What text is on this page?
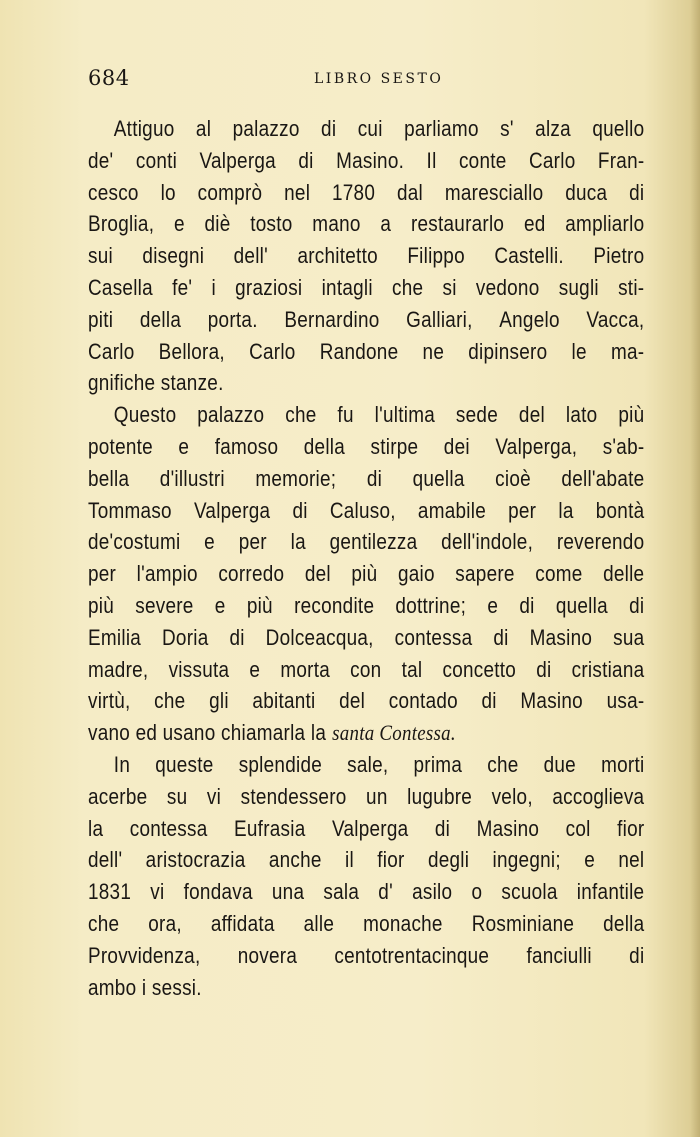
684	LIBRO SESTO
Attiguo al palazzo di cui parliamo s' alza quello
de' conti Valperga di Masino. Il conte Carlo Fran-
cesco lo comprò nel 1780 dal maresciallo duca di
Broglia, e diè tosto mano a restaurarlo ed ampliarlo
sui disegni dell' architetto Filippo Castelli. Pietro
Casella fe' i graziosi intagli che si vedono sugli sti-
piti della porta. Bernardino Galliari, Angelo Vacca,
Carlo Bellora, Carlo Randone ne dipinsero le ma-
gnifiche stanze.
Questo palazzo che fu l'ultima sede del lato più
potente e famoso della stirpe dei Valperga, s'ab-
bella d'illustri memorie; di quella cioè dell'abate
Tommaso Valperga di Caluso, amabile per la bontà
de'costumi e per la gentilezza dell'indole, reverendo
per l'ampio corredo del più gaio sapere come delle
più severe e più recondite dottrine; e di quella di
Emilia Doria di Dolceacqua, contessa di Masino sua
madre, vissuta e morta con tal concetto di cristiana
virtù, che gli abitanti del contado di Masino usa-
vano ed usano chiamarla la santa Contessa.
In queste splendide sale, prima che due morti
acerbe su vi stendessero un lugubre velo, accoglieva
la contessa Eufrasia Valperga di Masino col fior
dell' aristocrazia anche il fior degli ingegni; e nel
1831 vi fondava una sala d' asilo o scuola infantile
che ora, affidata alle monache Rosminiane della
Provvidenza, novera centotrentacinque fanciulli di
ambo i sessi.
